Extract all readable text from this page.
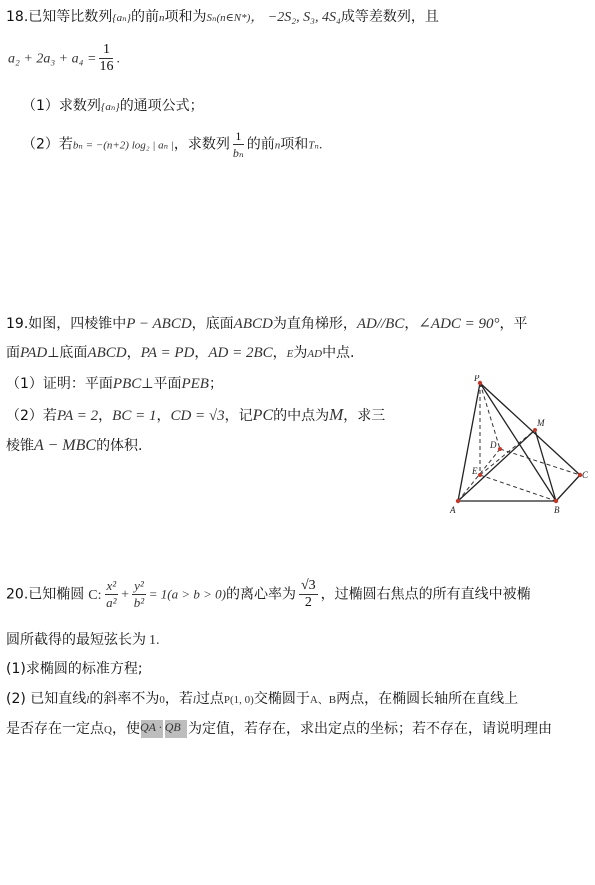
18.已知等比数列{aₙ}的前n项和为Sₙ(n∈N*)， −2S₂, S₃, 4S₄成等差数列，且
$a_2 + 2a_3 + a_4 = \frac{1}{16}$ .
（1）求数列{aₙ}的通项公式；
（2）若bₙ = −(n+2) log₂ | aₙ |，求数列 $\frac{1}{\text{bₙ}}$ 的前n项和Tₙ.
19.如图，四棱锥中P − ABCD，底面ABCD为直角梯形，AD//BC，∠ADC = 90°，平
面PAD⊥底面ABCD，PA = PD，AD = 2BC，E为AD中点.
（1）证明：平面PBC⊥平面PEB；
（2）若PA = 2，BC = 1，CD = √3，记PC的中点为M，求三
棱锥A − MBC的体积.
P
M
D
E	C
A	B
20.已知椭圆 C: $\frac{\text{x²}}{\text{a²}} + \frac{\text{y²}}{\text{b²}} = 1(a > b > 0)$的离心率为 $\frac{√3}{2}$ ，过椭圆右焦点的所有直线中被椭
圆所截得的最短弦长为 1.
(1)求椭圆的标准方程;
(2) 已知直线l的斜率不为0，若l过点P(1, 0)交椭圆于A、B两点，在椭圆长轴所在直线上
是否存在一定点Q，使 QA · QB 为定值，若存在，求出定点的坐标；若不存在，请说明理由
